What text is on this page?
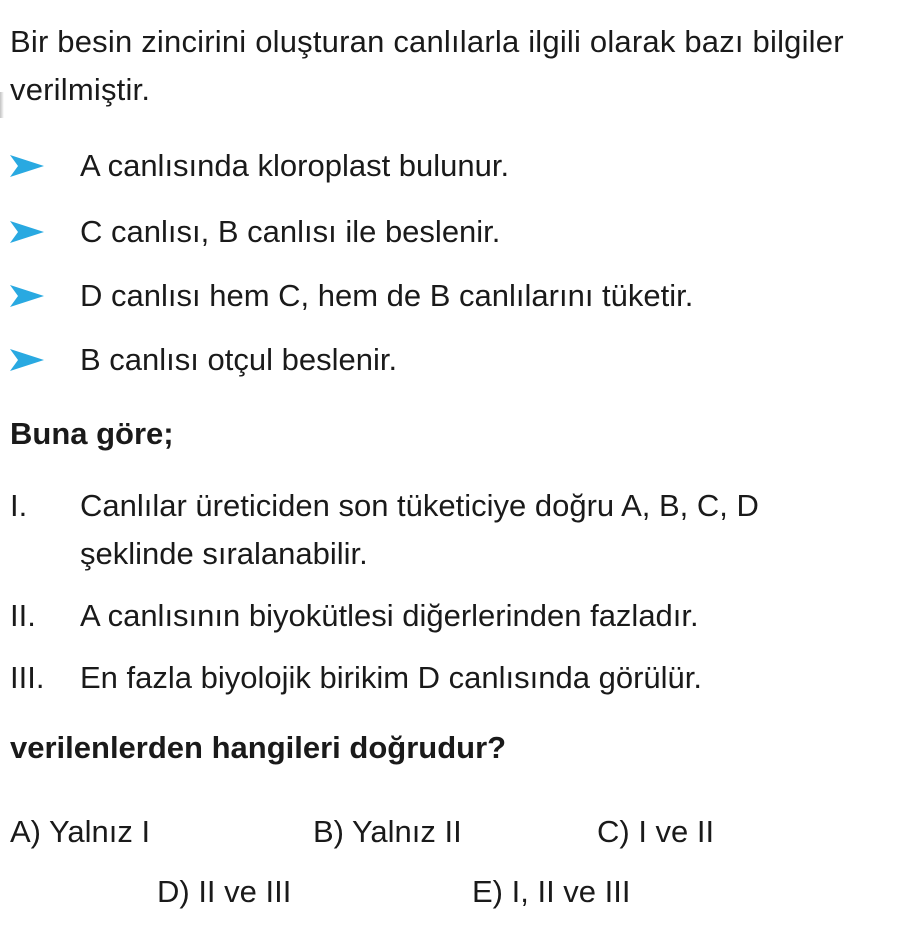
Bir besin zincirini oluşturan canlılarla ilgili olarak bazı bilgiler verilmiştir.
A canlısında kloroplast bulunur.
C canlısı, B canlısı ile beslenir.
D canlısı hem C, hem de B canlılarını tüketir.
B canlısı otçul beslenir.
Buna göre;
I. Canlılar üreticiden son tüketiciye doğru A, B, C, D şeklinde sıralanabilir.
II. A canlısının biyokütlesi diğerlerinden fazladır.
III. En fazla biyolojik birikim D canlısında görülür.
verilenlerden hangileri doğrudur?
A) Yalnız I	B) Yalnız II	C) I ve II
D) II ve III	E) I, II ve III
